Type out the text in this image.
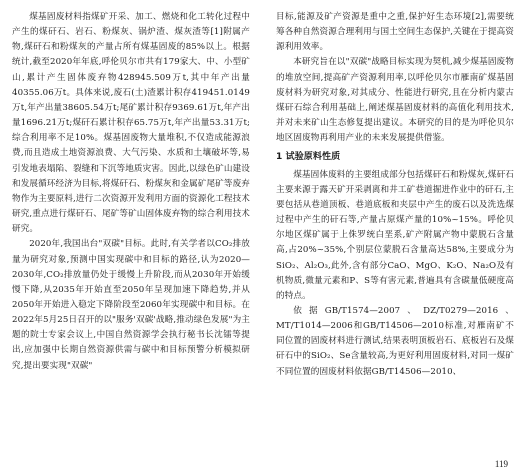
煤基固废材料指煤矿开采、加工、燃烧和化工转化过程中产生的煤矸石、岩石、粉煤灰、锅炉渣、煤灰渣等[1]附属产物,煤矸石和粉煤灰的产量占所有煤基固废的85%以上。根据统计,截至2020年年底,呼伦贝尔市共有179家大、中、小型矿山,累计产生固体废弃物428945.509万t,其中年产出量40355.06万t。具体来说,废石(土)渣累计积存419451.0149万t,年产出量38605.54万t;尾矿累计积存9369.61万t,年产出量1696.21万t;煤矸石累计积存65.75万t,年产出量53.31万t;综合利用率不足10%。煤基固废物大量堆积,不仅造成能源浪费,而且造成土地资源浪费、大气污染、水质和土壤破坏等,易引发地表塌陷、裂缝和下沉等地质灾害。因此,以绿色矿山建设和发展循环经济为目标,将煤矸石、粉煤灰和金属矿尾矿等废弃物作为主要原料,进行二次资源开发利用方面的资源化工程技术研究,重点进行煤矸石、尾矿等矿山固体废弃物的综合利用技术研究。

2020年,我国出台"双碳"目标。此时,有关学者以CO₂排放量为研究对象,预测中国实现碳中和目标的路径,认为2020—2030年,CO₂排放量仍处于缓慢上升阶段,而从2030年开始缓慢下降,从2035年开始直至2050年呈现加速下降趋势,并从2050年开始进入稳定下降阶段至2060年实现碳中和目标。在2022年5月25日召开的以"服务'双碳'战略,推动绿色发展"为主题的院士专家会议上,中国自然资源学会执行秘书长沈镭等提出,应加强中长期自然资源供需与碳中和目标预警分析模拟研究,提出要实现"双碳"

目标,能源及矿产资源是重中之重,保护好生态环境[2],需要统筹各种自然资源合理利用与国土空间生态保护,关键在于提高资源利用效率。

本研究旨在以"双碳"战略目标实现为契机,减少煤基固废物的堆放空间,提高矿产资源利用率,以呼伦贝尔市雁南矿煤基固废材料为研究对象,对其成分、性能进行研究,且在分析内蒙古煤矸石综合利用基础上,阐述煤基固废材料的高值化利用技术,并对未来矿山生态修复提出建议。本研究的目的是为呼伦贝尔地区固废物再利用产业的未来发展提供借鉴。

1 试验原料性质

煤基固体废料的主要组成部分包括煤矸石和粉煤灰,煤矸石主要来源于露天矿开采剥离和井工矿巷道掘进作业中的矸石,主要包括从巷道顶板、巷道底板和夹层中产生的废石以及洗选煤过程中产生的矸石等,产量占原煤产量的10%~15%。呼伦贝尔地区煤矿属于上侏罗统白垩系,矿产附属产物中蒙脱石含量高,占20%~35%,个别层位蒙脱石含量高达58%,主要成分为SiO₂、Al₂O₃,此外,含有部分CaO、MgO、K₂O、Na₂O及有机物质,微量元素和P、S等有害元素,普遍具有含碳量低硬度高的特点。

依据GB/T1574—2007、DZ/T0279—2016、MT/T1014—2006和GB/T14506—2010标准,对雁南矿不同位置的固废材料进行测试,结果表明顶板岩石、底板岩石及煤矸石中的SiO₂、Se含量较高,为更好利用固废材料,对同一煤矿不同位置的固废材料依据GB/T14506—2010、

119
